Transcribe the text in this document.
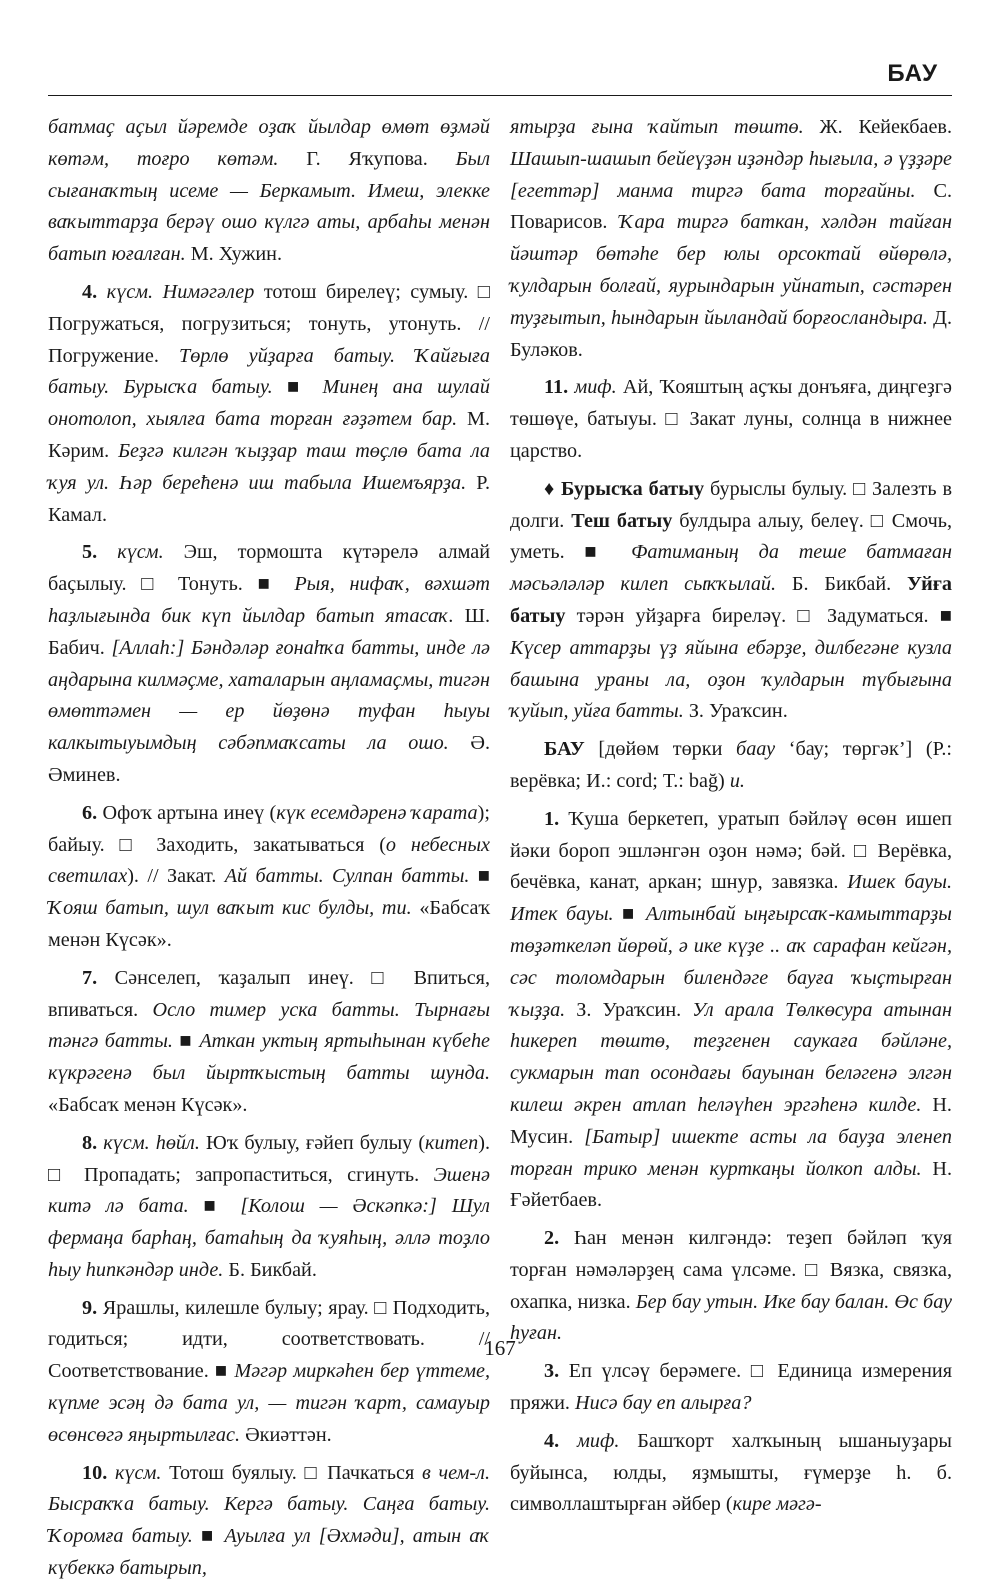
БАУ

батмаҫ аҫыл йәремде оҙаҡ йылдар өмөт өҙмәй көтәм, тоғро көтәм. Г. Яҡупова. Был сығанаҡтың исеме — Беркамыт. Имеш, элекке ваҡыттарҙа берәү ошо күлгә аты, арбаһы менән батып юғалған. М. Хужин.

4. күсм. Нимәгәлер тотош бирелеү; сумыу. □ Погружаться, погрузиться; тонуть, утонуть. // Погружение. Төрлө уйҙарға батыу. Ҡайғыға батыу. Бурысҡа батыу. ■ Минең ана шулай онотолоп, хыялға бата торған ғәҙәтем бар. М. Кәрим. Беҙгә килгән ҡыҙҙар таш төҫлө бата ла ҡуя ул. Һәр берећенә иш табыла Ишемъярҙа. Р. Камал.

5. күсм. Эш, тормошта күтәрелә алмай баҫылыу. □ Тонуть. ■ Рыя, нифаҡ, вәхшәт һаҙлығында бик күп йылдар батып ятасаҡ. Ш. Бабич. [Аллаһ:] Бәндәләр ғонаһҡа батты, инде лә аңдарына килмәҫме, хаталарын аңламаҫмы, тигән өмөттәмен — ер йөҙөнә туфан һыуы калкытыуымдың сәбәпмаҡсаты ла ошо. Ә. Әминев.

6. Офоҡ артына инеү (күк есемдәренә ҡарата); байыу. □ Заходить, закатываться (о небесных светилах). // Закат. Ай батты. Сулпан батты. ■ Ҡояш батып, шул ваҡыт кис булды, ти. «Бабсаҡ менән Күсәк».

7. Сәнселеп, ҡаҙалып инеү. □ Впиться, впиваться. Осло тимер уска батты. Тырнағы тәнгә батты. ■ Аткан уктың яртыһынан күбеһе күкрәгенә был йыртҡыстың батты шунда. «Бабсаҡ менән Күсәк».

8. күсм. һөйл. Юҡ булыу, ғәйеп булыу (китеп). □ Пропадать; запропаститься, сгинуть. Эшенә китә лә бата. ■ [Колош — Әскәпкә:] Шул фермаңа барһаң, батаһың да ҡуяһың, әллә тоҙло һыу һипкәндәр инде. Б. Бикбай.

9. Ярашлы, килешле булыу; ярау. □ Подходить, годиться; идти, соответствовать. // Соответствование. ■ Мәгәр миркәһен бер үттеме, күпме эсәң дә бата ул, — тигән ҡарт, самауыр өсөнсөгә яңыртылғас. Әкиәттән.

10. күсм. Тотош буялыу. □ Пачкаться в чем-л. Бысраҡҡа батыу. Кергә батыу. Саңға батыу. Ҡоромға батыу. ■ Ауылға ул [Әхмәди], атын аҡ күбеккә батырып,

ятырҙа ғына ҡайтып төштө. Ж. Кейекбаев. Шашып-шашып бейеүҙән иҙәндәр һығыла, ә үҙҙәре [егеттәр] манма тиргә бата торғайны. С. Поварисов. Ҡара тиргә баткан, хәлдән тайған йәштәр бөтәһе бер юлы орсоктай өйөрөлә, ҡулдарын болғай, яурындарын уйнатып, сәстәрен туҙғытып, һындарын йыландай борғосландыра. Д. Буләков.

11. миф. Ай, Ҡояштың аҫҡы донъяға, диңгеҙгә төшөүе, батыуы. □ Закат луны, солнца в нижнее царство.

♦ Бурысҡа батыу бурыслы булыу. □ Залезть в долги. Теш батыу булдыра алыу, белеү. □ Смочь, уметь. ■ Фатиманың да теше батмаған мәсьәләләр килеп сыҡҡылай. Б. Бикбай. Уйға батыу тәрән уйҙарға биреләү. □ Задуматься. ■ Күсер аттарҙы үҙ яйына ебәрҙе, дилбегәне кузла башына ураны ла, оҙон ҡулдарын түбығына ҡуйып, уйға батты. З. Ураҡсин.

БАУ [дөйөм төрки баау ‘бау; төргәк’] (Р.: верёвка; И.: cord; Т.: bağ) и.

1. Ҡуша беркетеп, уратып бәйләү өсөн ишеп йәки бороп эшләнгән оҙон нәмә; бәй. □ Верёвка, бечёвка, канат, аркан; шнур, завязка. Ишек бауы. Итек бауы. ■ Алтынбай ыңғырсаҡ-камыттарҙы төҙәткеләп йөрөй, ә ике күҙе .. аҡ сарафан кейгән, сәс толомдарын билендәге бауға ҡыҫтырған ҡыҙҙа. З. Ураҡсин. Ул арала Төлкөсура атынан һикереп төштө, теҙгенен саукаға бәйләне, сукмарын тап осондағы бауынан беләгенә элгән килеш әкрен атлап һеләүһен эргәһенә килде. Н. Мусин. [Батыр] ишекте асты ла бауҙа эленеп торған трико менән курткаңы йолкоп алды. Н. Ғәйетбаев.

2. Һан менән килгәндә: теҙеп бәйләп ҡуя торған нәмәләрҙең сама үлсәме. □ Вязка, связка, охапка, низка. Бер бау утын. Ике бау балан. Өс бау һуған.

3. Еп үлсәү берәмеге. □ Единица измерения пряжи. Нисә бау еп алырға?

4. миф. Башҡорт халҡының ышаныуҙары буйынса, юлды, яҙмышты, ғүмерҙе һ. б. символлаштырған әйбер (кире мәгә-

167
